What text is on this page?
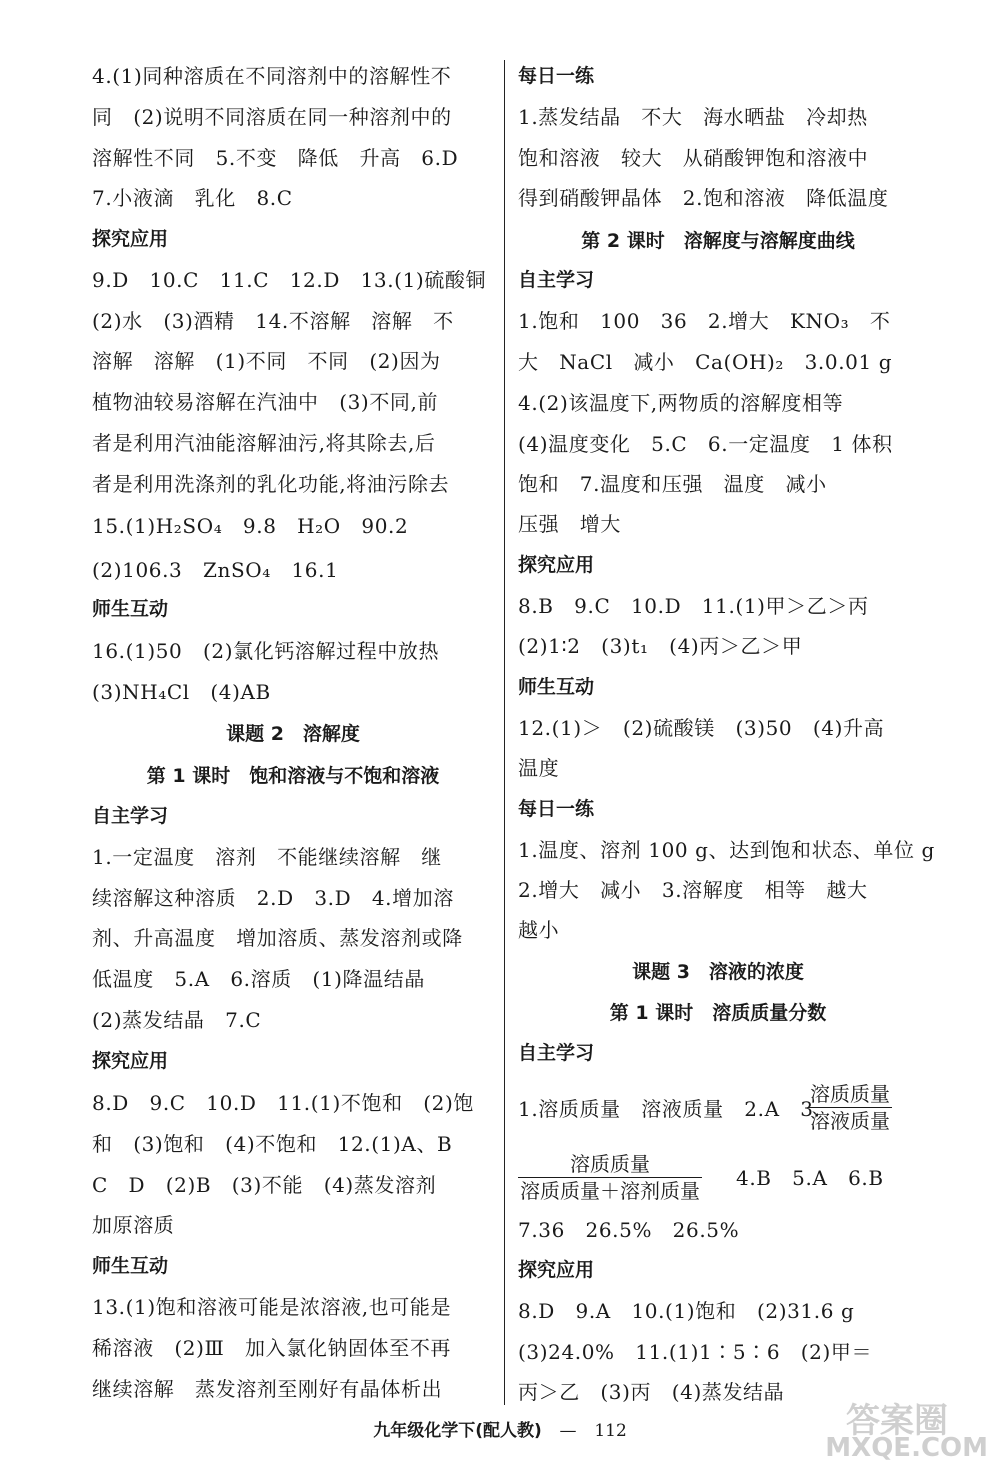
4.(1)同种溶质在不同溶剂中的溶解性不
同　(2)说明不同溶质在同一种溶剂中的
溶解性不同　5.不变　降低　升高　6.D
7.小液滴　乳化　8.C
探究应用
9.D　10.C　11.C　12.D　13.(1)硫酸铜
(2)水　(3)酒精　14.不溶解　溶解　不
溶解　溶解　(1)不同　不同　(2)因为
植物油较易溶解在汽油中　(3)不同,前
者是利用汽油能溶解油污,将其除去,后
者是利用洗涤剂的乳化功能,将油污除去
15.(1)H₂SO₄　9.8　H₂O　90.2
(2)106.3　ZnSO₄　16.1
师生互动
16.(1)50　(2)氯化钙溶解过程中放热
(3)NH₄Cl　(4)AB
课题 2　溶解度
第 1 课时　饱和溶液与不饱和溶液
自主学习
1.一定温度　溶剂　不能继续溶解　继
续溶解这种溶质　2.D　3.D　4.增加溶
剂、升高温度　增加溶质、蒸发溶剂或降
低温度　5.A　6.溶质　(1)降温结晶
(2)蒸发结晶　7.C
探究应用
8.D　9.C　10.D　11.(1)不饱和　(2)饱
和　(3)饱和　(4)不饱和　12.(1)A、B
C　D　(2)B　(3)不能　(4)蒸发溶剂
加原溶质
师生互动
13.(1)饱和溶液可能是浓溶液,也可能是
稀溶液　(2)Ⅲ　加入氯化钠固体至不再
继续溶解　蒸发溶剂至刚好有晶体析出
每日一练
1.蒸发结晶　不大　海水晒盐　冷却热
饱和溶液　较大　从硝酸钾饱和溶液中
得到硝酸钾晶体　2.饱和溶液　降低温度
第 2 课时　溶解度与溶解度曲线
自主学习
1.饱和　100　36　2.增大　KNO₃　不
大　NaCl　减小　Ca(OH)₂　3.0.01 g
4.(2)该温度下,两物质的溶解度相等
(4)温度变化　5.C　6.一定温度　1 体积
饱和　7.温度和压强　温度　减小
压强　增大
探究应用
8.B　9.C　10.D　11.(1)甲＞乙＞丙
(2)1∶2　(3)t₁　(4)丙＞乙＞甲
师生互动
12.(1)＞　(2)硫酸镁　(3)50　(4)升高
温度
每日一练
1.温度、溶剂 100 g、达到饱和状态、单位 g
2.增大　减小　3.溶解度　相等　越大
越小
课题 3　溶液的浓度
第 1 课时　溶质质量分数
自主学习
1.溶质质量　溶液质量　2.A　3.
溶质质量
溶液质量
溶质质量
溶质质量＋溶剂质量
4.B　5.A　6.B
7.36　26.5%　26.5%
探究应用
8.D　9.A　10.(1)饱和　(2)31.6 g
(3)24.0%　11.(1)1∶5∶6　(2)甲＝
丙＞乙　(3)丙　(4)蒸发结晶
九年级化学下(配人教) — 112	答案圈
MXQE.COM
